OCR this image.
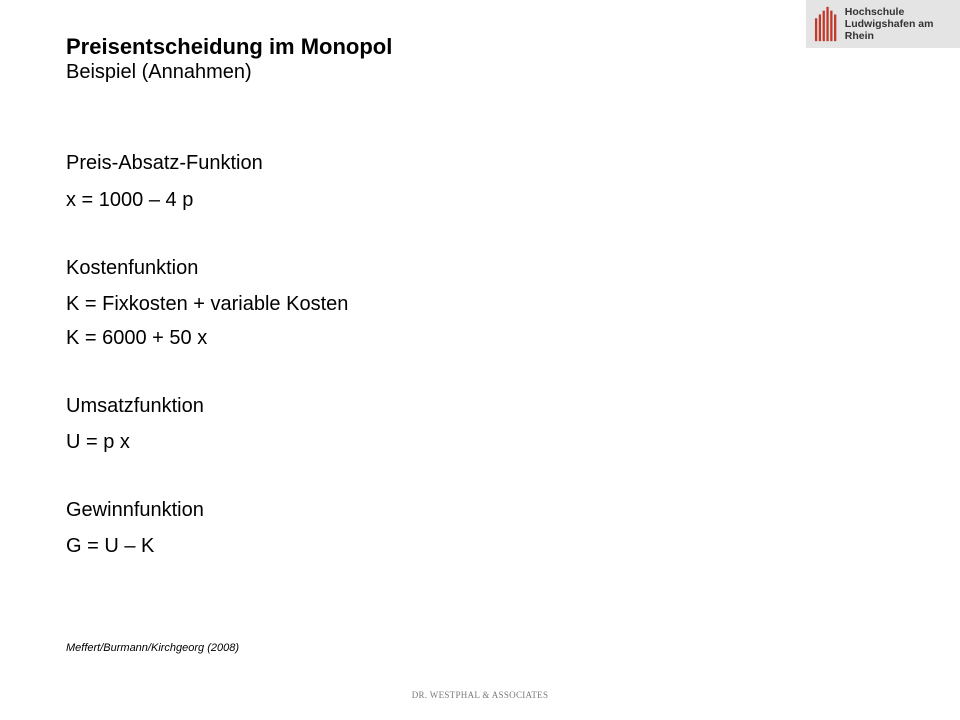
Preisentscheidung im Monopol

Beispiel (Annahmen)

Hochschule
Ludwigshafen am Rhein
Preis-Absatz-Funktion
x = 1000 – 4 p
Kostenfunktion
K = Fixkosten + variable Kosten
K = 6000 + 50 x
Umsatzfunktion
U = p x
Gewinnfunktion
G = U – K
Meffert/Burmann/Kirchgeorg (2008)
DR. WESTPHAL & ASSOCIATES
